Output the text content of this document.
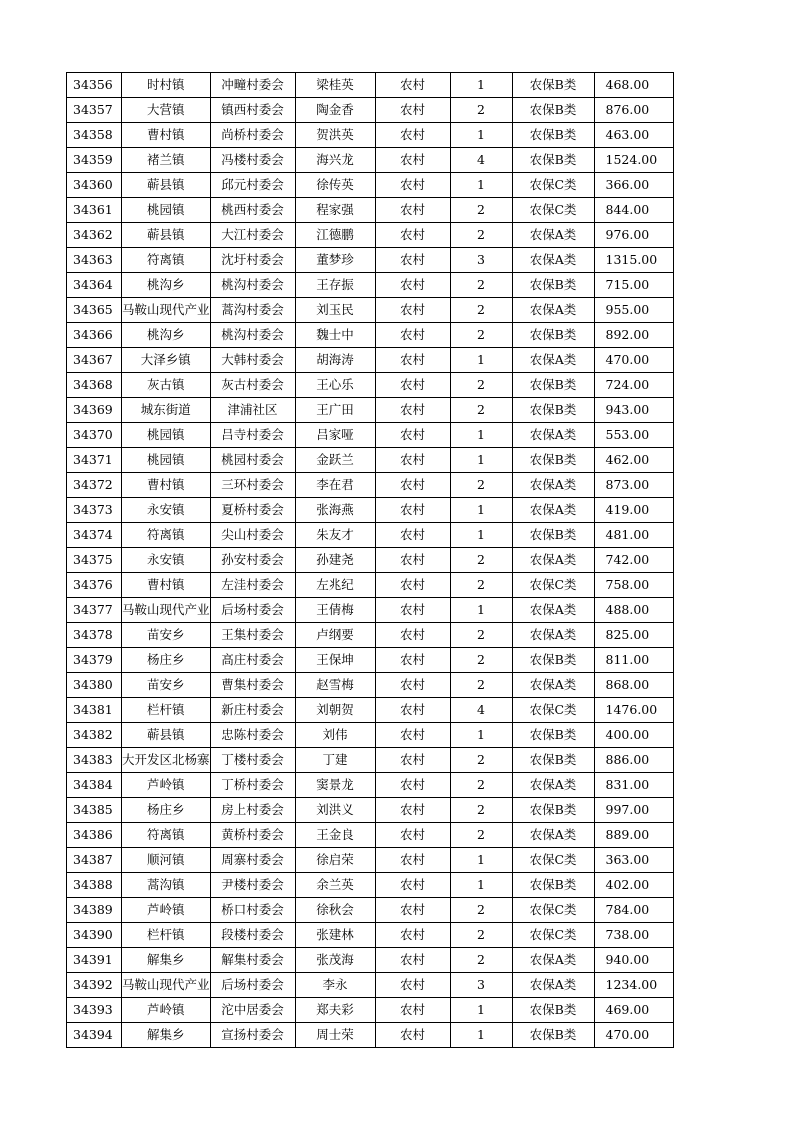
34356	时村镇	冲疃村委会	梁桂英	农村	1	农保B类	468.00
34357	大营镇	镇西村委会	陶金香	农村	2	农保B类	876.00
34358	曹村镇	尚桥村委会	贺洪英	农村	1	农保B类	463.00
34359	褚兰镇	冯楼村委会	海兴龙	农村	4	农保B类	1524.00
34360	蕲县镇	邱元村委会	徐传英	农村	1	农保C类	366.00
34361	桃园镇	桃西村委会	程家强	农村	2	农保C类	844.00
34362	蕲县镇	大江村委会	江德鹏	农村	2	农保A类	976.00
34363	符离镇	沈圩村委会	董梦珍	农村	3	农保A类	1315.00
34364	桃沟乡	桃沟村委会	王存振	农村	2	农保B类	715.00
34365	马鞍山现代产业	蒿沟村委会	刘玉民	农村	2	农保A类	955.00
34366	桃沟乡	桃沟村委会	魏士中	农村	2	农保B类	892.00
34367	大泽乡镇	大韩村委会	胡海涛	农村	1	农保A类	470.00
34368	灰古镇	灰古村委会	王心乐	农村	2	农保B类	724.00
34369	城东街道	津浦社区	王广田	农村	2	农保B类	943.00
34370	桃园镇	吕寺村委会	吕家哑	农村	1	农保A类	553.00
34371	桃园镇	桃园村委会	金跃兰	农村	1	农保B类	462.00
34372	曹村镇	三环村委会	李在君	农村	2	农保A类	873.00
34373	永安镇	夏桥村委会	张海燕	农村	1	农保A类	419.00
34374	符离镇	尖山村委会	朱友才	农村	1	农保B类	481.00
34375	永安镇	孙安村委会	孙建尧	农村	2	农保A类	742.00
34376	曹村镇	左洼村委会	左兆纪	农村	2	农保C类	758.00
34377	马鞍山现代产业	后场村委会	王倩梅	农村	1	农保A类	488.00
34378	苗安乡	王集村委会	卢纲要	农村	2	农保A类	825.00
34379	杨庄乡	高庄村委会	王保坤	农村	2	农保B类	811.00
34380	苗安乡	曹集村委会	赵雪梅	农村	2	农保A类	868.00
34381	栏杆镇	新庄村委会	刘朝贺	农村	4	农保C类	1476.00
34382	蕲县镇	忠陈村委会	刘伟	农村	1	农保B类	400.00
34383	大开发区北杨寨	丁楼村委会	丁建	农村	2	农保B类	886.00
34384	芦岭镇	丁桥村委会	窦景龙	农村	2	农保A类	831.00
34385	杨庄乡	房上村委会	刘洪义	农村	2	农保B类	997.00
34386	符离镇	黄桥村委会	王金良	农村	2	农保A类	889.00
34387	顺河镇	周寨村委会	徐启荣	农村	1	农保C类	363.00
34388	蒿沟镇	尹楼村委会	余兰英	农村	1	农保B类	402.00
34389	芦岭镇	桥口村委会	徐秋会	农村	2	农保C类	784.00
34390	栏杆镇	段楼村委会	张建林	农村	2	农保C类	738.00
34391	解集乡	解集村委会	张茂海	农村	2	农保A类	940.00
34392	马鞍山现代产业	后场村委会	李永	农村	3	农保A类	1234.00
34393	芦岭镇	沱中居委会	郑夫彩	农村	1	农保B类	469.00
34394	解集乡	宣扬村委会	周士荣	农村	1	农保B类	470.00
